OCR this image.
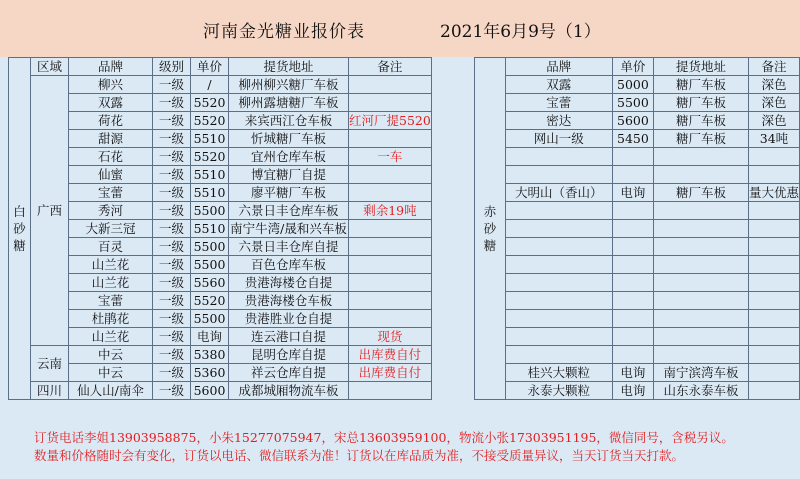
河南金光糖业报价表	2021年6月9号（1）
白
砂
糖	区域	品牌	级别	单价	提货地址	备注
	广西	柳兴	一级	/	柳州柳兴糖厂车板	
		双露	一级	5520	柳州露塘糖厂车板	
		荷花	一级	5520	来宾西江仓车板	红河厂提5520
		甜源	一级	5510	忻城糖厂车板	
		石花	一级	5520	宜州仓库车板	一车
		仙蜜	一级	5510	博宜糖厂自提	
		宝蕾	一级	5510	廖平糖厂车板	
		秀河	一级	5500	六景日丰仓库车板	剩余19吨
		大新三冠	一级	5510	南宁牛湾/晟和兴车板	
		百灵	一级	5500	六景日丰仓库自提	
		山兰花	一级	5500	百色仓库车板	
		山兰花	一级	5560	贵港海楼仓自提	
		宝蕾	一级	5520	贵港海楼仓车板	
		杜鹃花	一级	5500	贵港胜业仓自提	
		山兰花	一级	电询	连云港口自提	现货
	云南	中云	一级	5380	昆明仓库自提	出库费自付
		中云	一级	5360	祥云仓库自提	出库费自付
	四川	仙人山/南伞	一级	5600	成都城厢物流车板	
赤
砂
糖	品牌	单价	提货地址	备注
	双露	5000	糖厂车板	深色
	宝蕾	5500	糖厂车板	深色
	密达	5600	糖厂车板	深色
	网山一级	5450	糖厂车板	34吨

	大明山（香山）	电询	糖厂车板	量大优惠

	桂兴大颗粒	电询	南宁滨湾车板	
	永泰大颗粒	电询	山东永泰车板	
订货电话李姐13903958875，小朱15277075947，宋总13603959100，物流小张17303951195，微信同号，含税另议。
数量和价格随时会有变化，订货以电话、微信联系为准！订货以在库品质为准，不接受质量异议，当天订货当天打款。
